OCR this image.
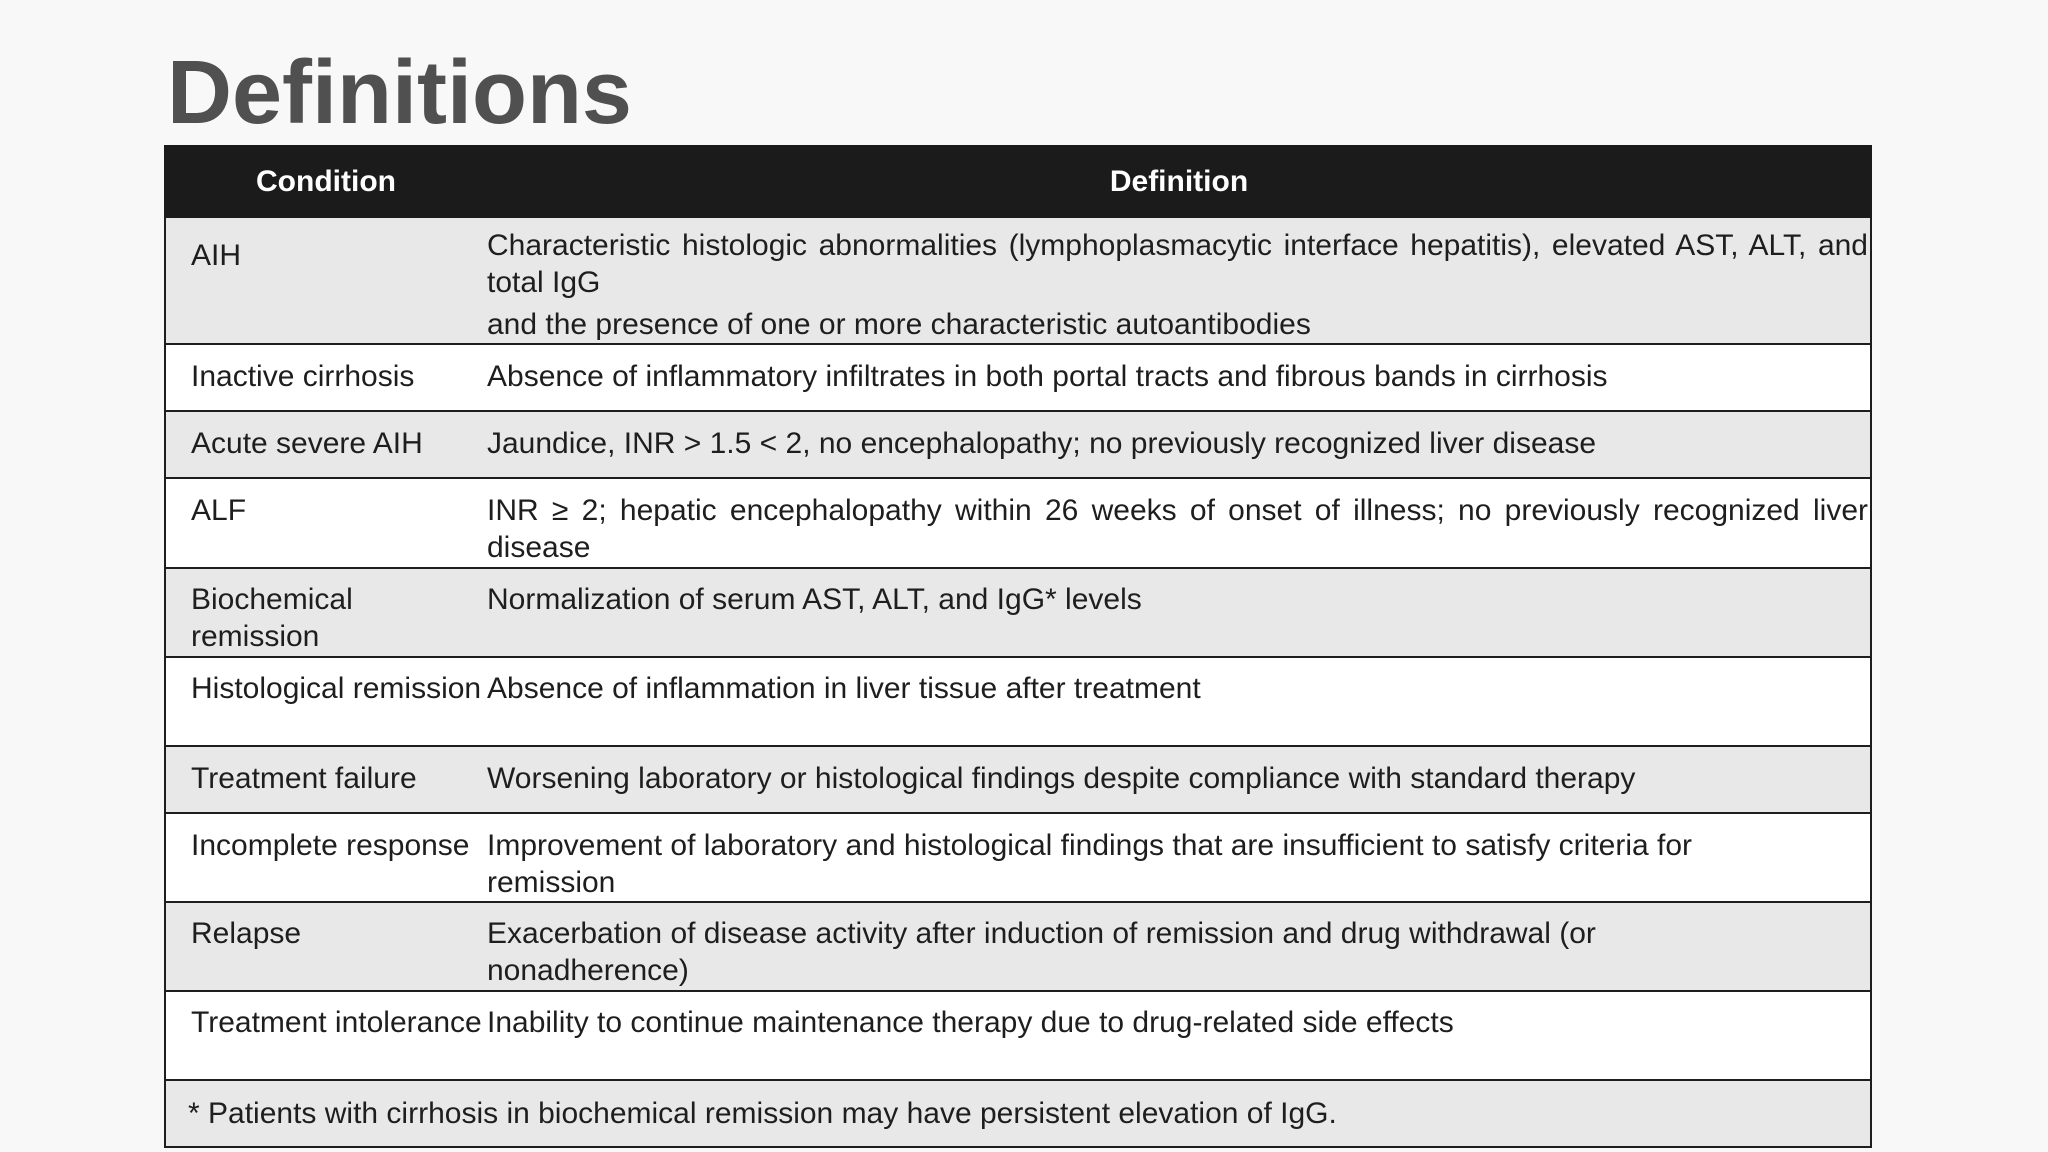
Definitions
Condition	Definition

AIH	Characteristic histologic abnormalities (lymphoplasmacytic interface hepatitis), elevated AST, ALT, and total IgG
and the presence of one or more characteristic autoantibodies

Inactive cirrhosis	Absence of inflammatory infiltrates in both portal tracts and fibrous bands in cirrhosis

Acute severe AIH	Jaundice, INR > 1.5 < 2, no encephalopathy; no previously recognized liver disease

ALF	INR ≥ 2; hepatic encephalopathy within 26 weeks of onset of illness; no previously recognized liver disease

Biochemical remission	Normalization of serum AST, ALT, and IgG* levels

Histological remission	Absence of inflammation in liver tissue after treatment

Treatment failure	Worsening laboratory or histological findings despite compliance with standard therapy

Incomplete response	Improvement of laboratory and histological findings that are insufficient to satisfy criteria for remission

Relapse	Exacerbation of disease activity after induction of remission and drug withdrawal (or nonadherence)

Treatment intolerance	Inability to continue maintenance therapy due to drug-related side effects

* Patients with cirrhosis in biochemical remission may have persistent elevation of IgG.	
